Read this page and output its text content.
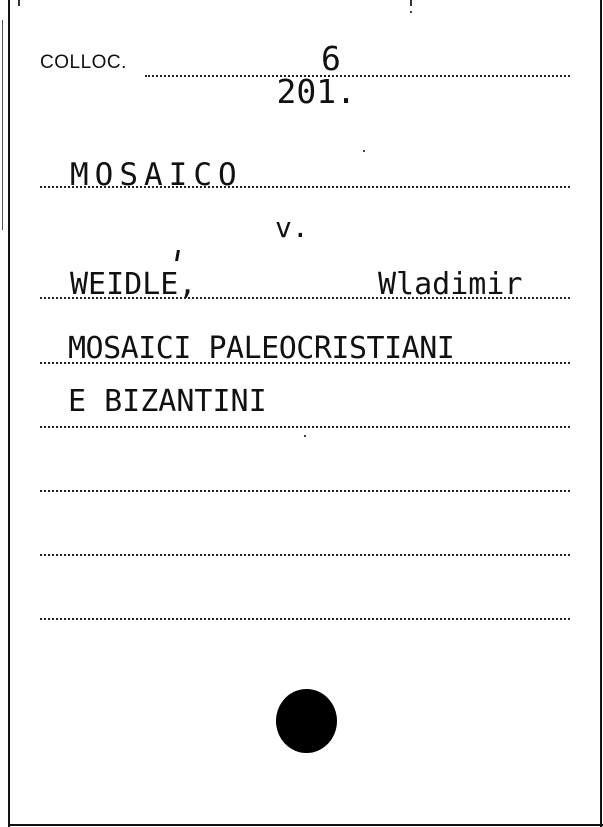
COLLOC.

201.

6

MOSAICO
v.
WEIDLE,	Wladimir
MOSAICI PALEOCRISTIANI
E BIZANTINI
